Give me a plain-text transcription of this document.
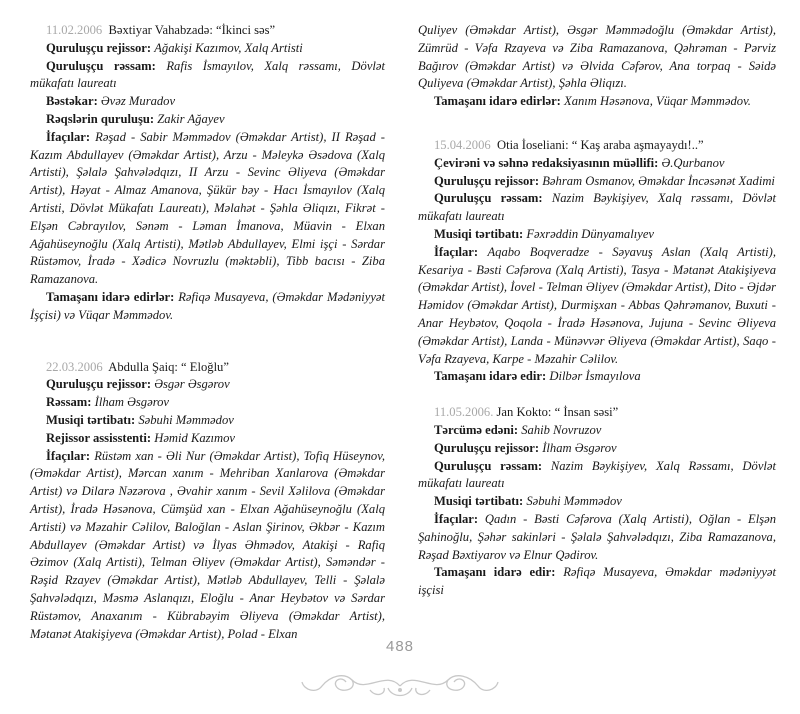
11.02.2006 Bəxtiyar Vahabzadə: “İkinci səs”

Quruluşçu rejissor: Ağakişi Kazımov, Xalq Artisti

Quruluşçu rəssam: Rafis İsmayılov, Xalq rəssamı, Dövlət mükafatı laureatı

Bəstəkar: Əvəz Muradov

Rəqslərin quruluşu: Zakir Ağayev

İfaçılar: Rəşad - Sabir Məmmədov (Əməkdar Artist), II Rəşad - Kazım Abdullayev (Əməkdar Artist), Arzu - Məleykə Əsədova (Xalq Artisti), Şəlalə Şahvələdqızı, II Arzu - Sevinc Əliyeva (Əməkdar Artist), Həyat - Almaz Amanova, Şükür bəy - Hacı İsmayılov (Xalq Artisti, Dövlət Mükafatı Laureatı), Məlahət - Şəhla Əliqızı, Fikrət - Elşən Cəbrayılov, Sənəm - Ləman İmanova, Müavin - Elxan Ağahüseynoğlu (Xalq Artisti), Mətləb Abdullayev, Elmi işçi - Sərdar Rüstəmov, İradə - Xədicə Novruzlu (məktəbli), Tibb bacısı - Ziba Ramazanova.

Tamaşanı idarə edirlər: Rəfiqə Musayeva, (Əməkdar Mədəniyyət İşçisi) və Vüqar Məmmədov.

22.03.2006 Abdulla Şaiq: “ Eloğlu”

Quruluşçu rejissor: Əsgər Əsgərov

Rəssam: İlham Əsgərov

Musiqi tərtibatı: Səbuhi Məmmədov

Rejissor assisstenti: Həmid Kazımov

İfaçılar: Rüstəm xan - Əli Nur (Əməkdar Artist), Tofiq Hüseynov, (Əməkdar Artist), Mərcan xanım - Mehriban Xanlarova (Əməkdar Artist) və Dilarə Nəzərova , Əvahir xanım - Sevil Xəlilova (Əməkdar Artist), İradə Həsənova, Cümşüd xan - Elxan Ağahüseynoğlu (Xalq Artisti) və Məzahir Cəlilov, Baloğlan - Aslan Şirinov, Əkbər - Kazım Abdullayev (Əməkdar Artist) və İlyas Əhmədov, Atakişi - Rafiq Əzimov (Xalq Artisti), Telman Əliyev (Əməkdar Artist), Səməndər - Rəşid Rzayev (Əməkdar Artist), Mətləb Abdullayev, Telli - Şəlalə Şahvələdqızı, Məsmə Aslanqızı, Eloğlu - Anar Heybətov və Sərdar Rüstəmov, Anaxanım - Kübrabəyim Əliyeva (Əməkdar Artist), Mətanət Atakişiyeva (Əməkdar Artist), Polad - Elxan

Quliyev (Əməkdar Artist), Əsgər Məmmədoğlu (Əməkdar Artist), Zümrüd - Vəfa Rzayeva və Ziba Ramazanova, Qəhrəman - Pərviz Bağırov (Əməkdar Artist) və Əlvida Cəfərov, Ana torpaq - Səidə Quliyeva (Əməkdar Artist), Şəhla Əliqızı.

Tamaşanı idarə edirlər: Xanım Həsənova, Vüqar Məmmədov.

15.04.2006 Otia İoseliani: “ Kaş araba aşmayaydı!..”

Çevirəni və səhnə redaksiyasının müəllifi: Ə.Qurbanov

Quruluşçu rejissor: Bəhram Osmanov, Əməkdar İncəsənət Xadimi

Quruluşçu rəssam: Nazim Bəykişiyev, Xalq rəssamı, Dövlət mükafatı laureatı

Musiqi tərtibatı: Fəxrəddin Dünyamalıyev

İfaçılar: Aqabo Boqveradze - Səyavuş Aslan (Xalq Artisti), Kesariya - Bəsti Cəfərova (Xalq Artisti), Tasya - Mətanət Atakişiyeva (Əməkdar Artist), İovel - Telman Əliyev (Əməkdar Artist), Dito - Əjdər Həmidov (Əməkdar Artist), Durmişxan - Abbas Qəhrəmanov, Buxuti - Anar Heybətov, Qoqola - İradə Həsənova, Jujuna - Sevinc Əliyeva (Əməkdar Artist), Landa - Münəvvər Əliyeva (Əməkdar Artist), Saqo - Vəfa Rzayeva, Karpe - Məzahir Cəlilov.

Tamaşanı idarə edir: Dilbər İsmayılova

11.05.2006. Jan Kokto: “ İnsan səsi”

Tərcümə edəni: Sahib Novruzov

Quruluşçu rejissor: İlham Əsgərov

Quruluşçu rəssam: Nazim Bəykişiyev, Xalq Rəssamı, Dövlət mükafatı laureatı

Musiqi tərtibatı: Səbuhi Məmmədov

İfaçılar: Qadın - Bəsti Cəfərova (Xalq Artisti), Oğlan - Elşən Şahinoğlu, Şəhər sakinləri - Şəlalə Şahvələdqızı, Ziba Ramazanova, Rəşad Bəxtiyarov və Elnur Qədirov.

Tamaşanı idarə edir: Rəfiqə Musayeva, Əməkdar mədəniyyət işçisi

488
